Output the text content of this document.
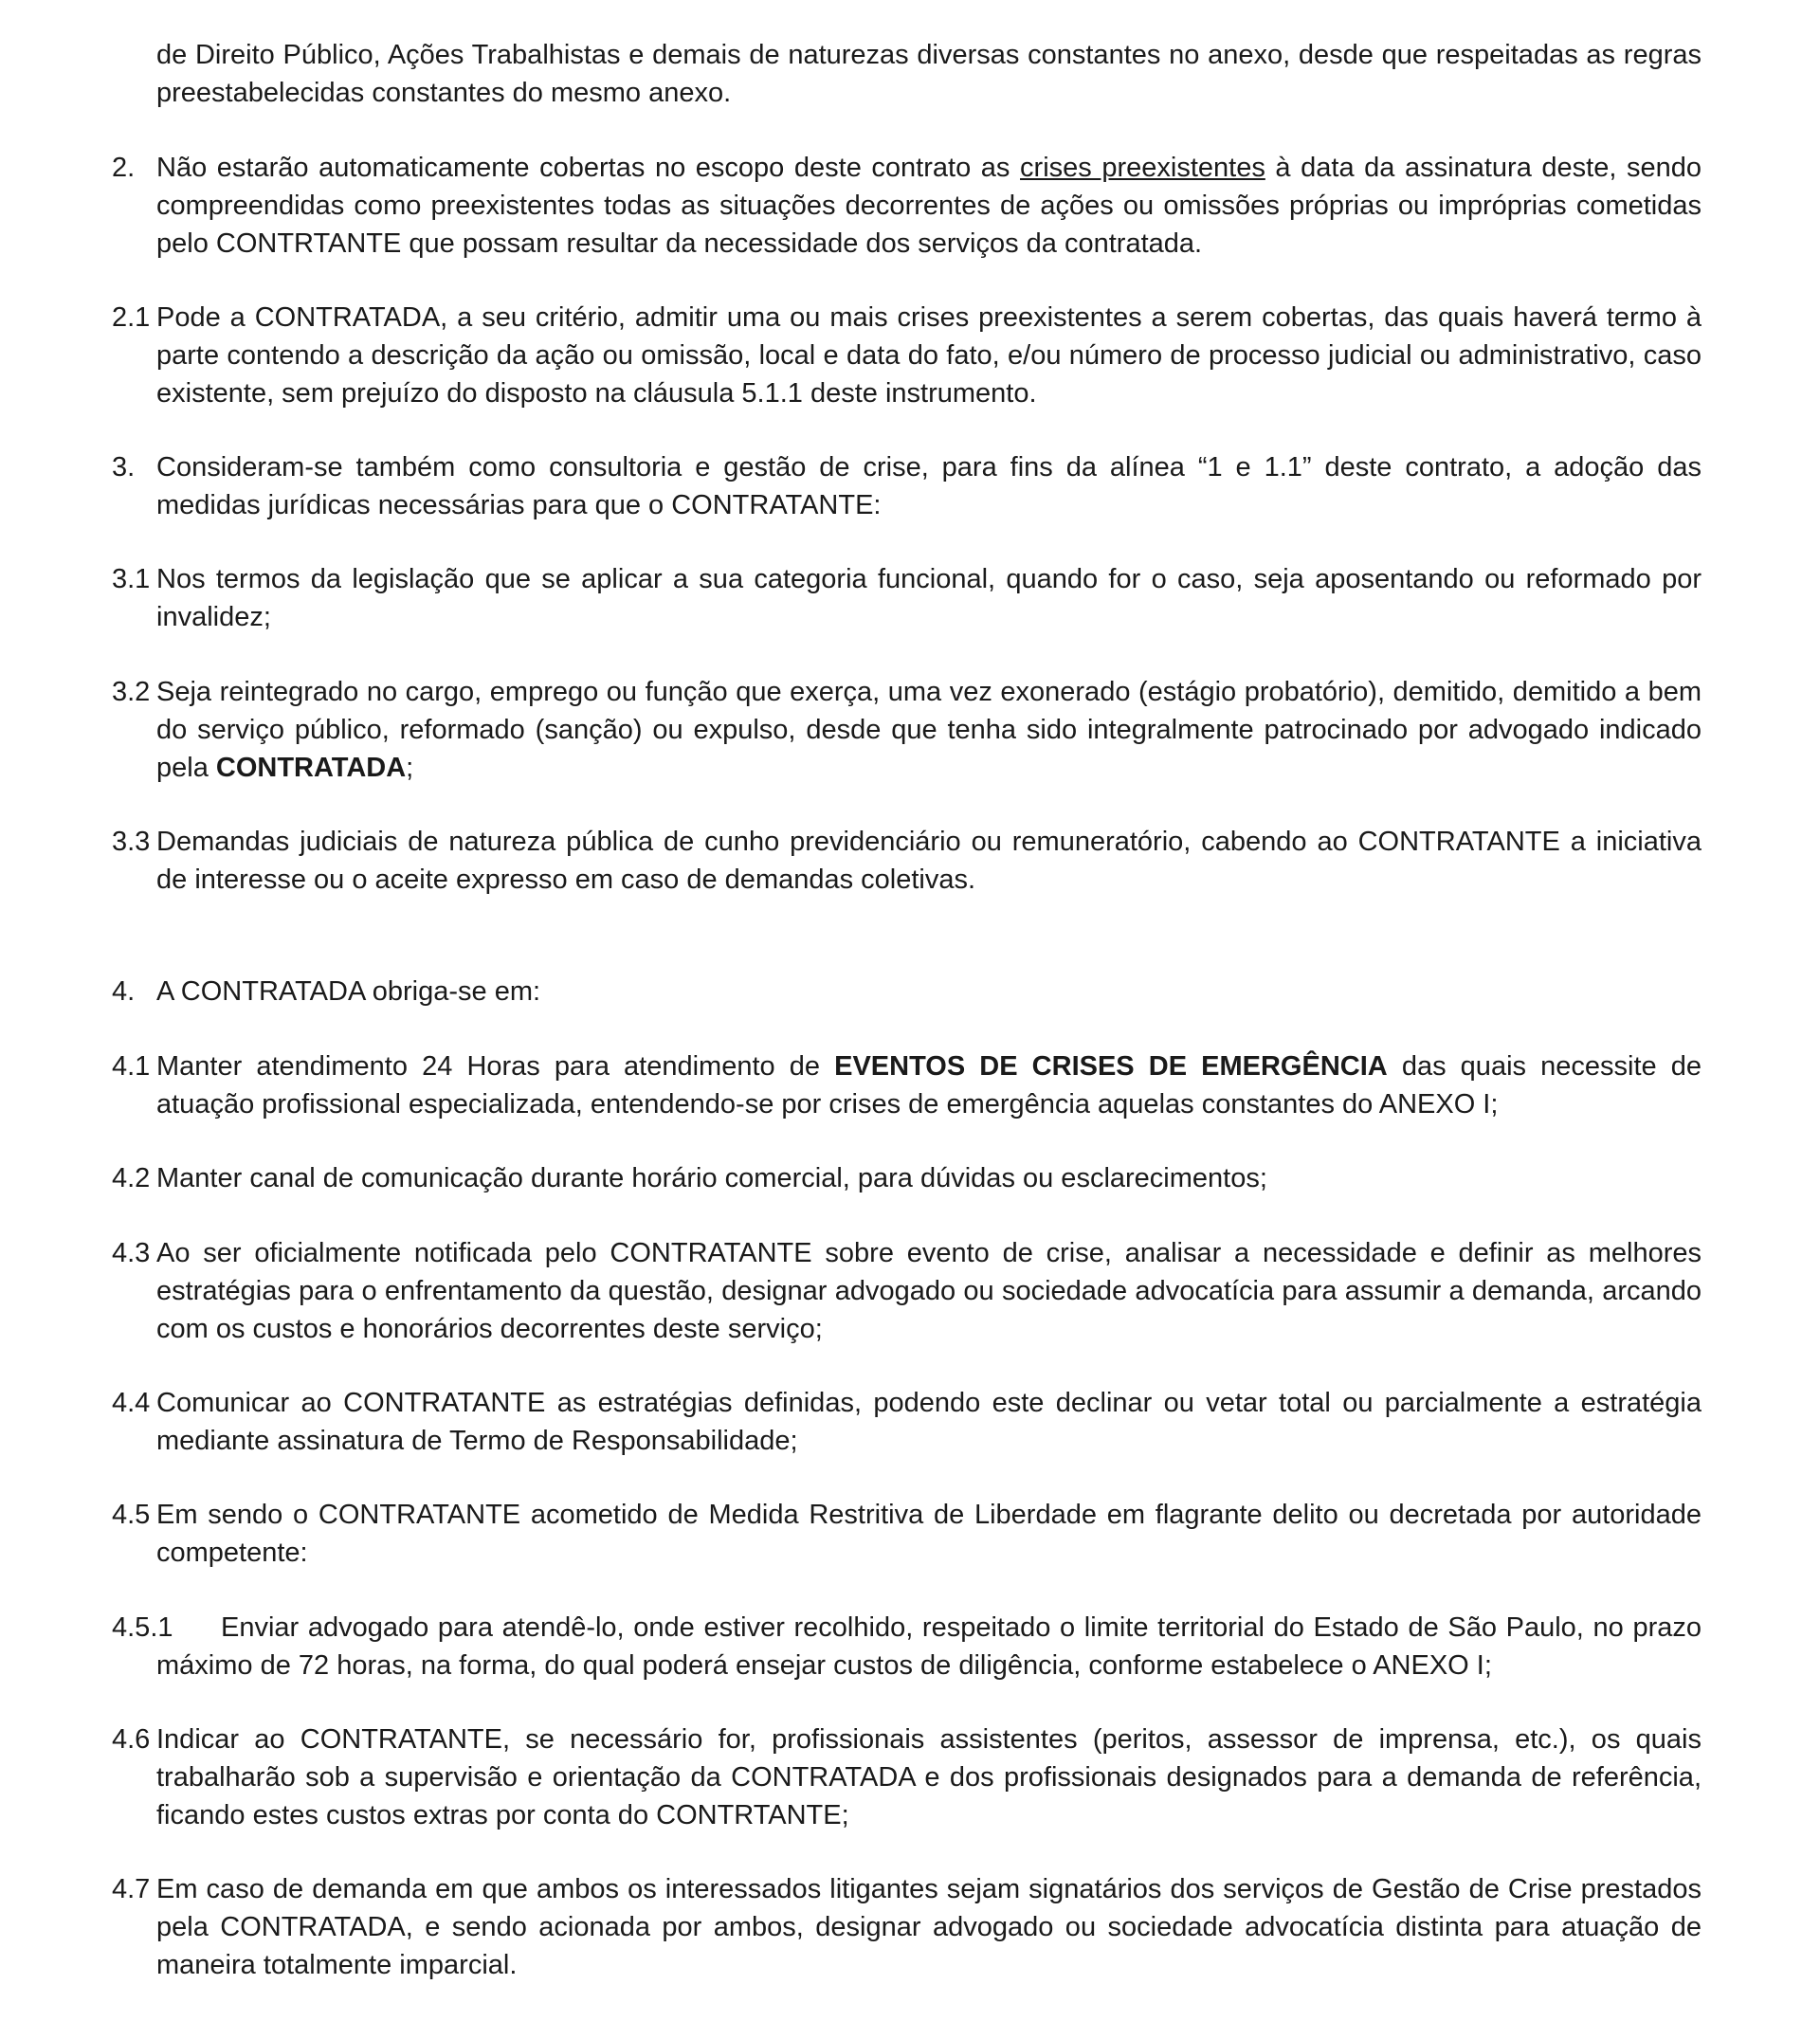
de Direito Público, Ações Trabalhistas e demais de naturezas diversas constantes no anexo, desde que respeitadas as regras preestabelecidas constantes do mesmo anexo.

2. Não estarão automaticamente cobertas no escopo deste contrato as crises preexistentes à data da assinatura deste, sendo compreendidas como preexistentes todas as situações decorrentes de ações ou omissões próprias ou impróprias cometidas pelo CONTRTANTE que possam resultar da necessidade dos serviços da contratada.

2.1 Pode a CONTRATADA, a seu critério, admitir uma ou mais crises preexistentes a serem cobertas, das quais haverá termo à parte contendo a descrição da ação ou omissão, local e data do fato, e/ou número de processo judicial ou administrativo, caso existente, sem prejuízo do disposto na cláusula 5.1.1 deste instrumento.

3. Consideram-se também como consultoria e gestão de crise, para fins da alínea “1 e 1.1” deste contrato, a adoção das medidas jurídicas necessárias para que o CONTRATANTE:

3.1 Nos termos da legislação que se aplicar a sua categoria funcional, quando for o caso, seja aposentando ou reformado por invalidez;

3.2 Seja reintegrado no cargo, emprego ou função que exerça, uma vez exonerado (estágio probatório), demitido, demitido a bem do serviço público, reformado (sanção) ou expulso, desde que tenha sido integralmente patrocinado por advogado indicado pela CONTRATADA;

3.3 Demandas judiciais de natureza pública de cunho previdenciário ou remuneratório, cabendo ao CONTRATANTE a iniciativa de interesse ou o aceite expresso em caso de demandas coletivas.

4. A CONTRATADA obriga-se em:

4.1 Manter atendimento 24 Horas para atendimento de EVENTOS DE CRISES DE EMERGÊNCIA das quais necessite de atuação profissional especializada, entendendo-se por crises de emergência aquelas constantes do ANEXO I;

4.2 Manter canal de comunicação durante horário comercial, para dúvidas ou esclarecimentos;

4.3 Ao ser oficialmente notificada pelo CONTRATANTE sobre evento de crise, analisar a necessidade e definir as melhores estratégias para o enfrentamento da questão, designar advogado ou sociedade advocatícia para assumir a demanda, arcando com os custos e honorários decorrentes deste serviço;

4.4 Comunicar ao CONTRATANTE as estratégias definidas, podendo este declinar ou vetar total ou parcialmente a estratégia mediante assinatura de Termo de Responsabilidade;

4.5 Em sendo o CONTRATANTE acometido de Medida Restritiva de Liberdade em flagrante delito ou decretada por autoridade competente:

4.5.1	Enviar advogado para atendê-lo, onde estiver recolhido, respeitado o limite territorial do Estado de São Paulo, no prazo máximo de 72 horas, na forma, do qual poderá ensejar custos de diligência, conforme estabelece o ANEXO I;

4.6 Indicar ao CONTRATANTE, se necessário for, profissionais assistentes (peritos, assessor de imprensa, etc.), os quais trabalharão sob a supervisão e orientação da CONTRATADA e dos profissionais designados para a demanda de referência, ficando estes custos extras por conta do CONTRTANTE;

4.7 Em caso de demanda em que ambos os interessados litigantes sejam signatários dos serviços de Gestão de Crise prestados pela CONTRATADA, e sendo acionada por ambos, designar advogado ou sociedade advocatícia distinta para atuação de maneira totalmente imparcial.
